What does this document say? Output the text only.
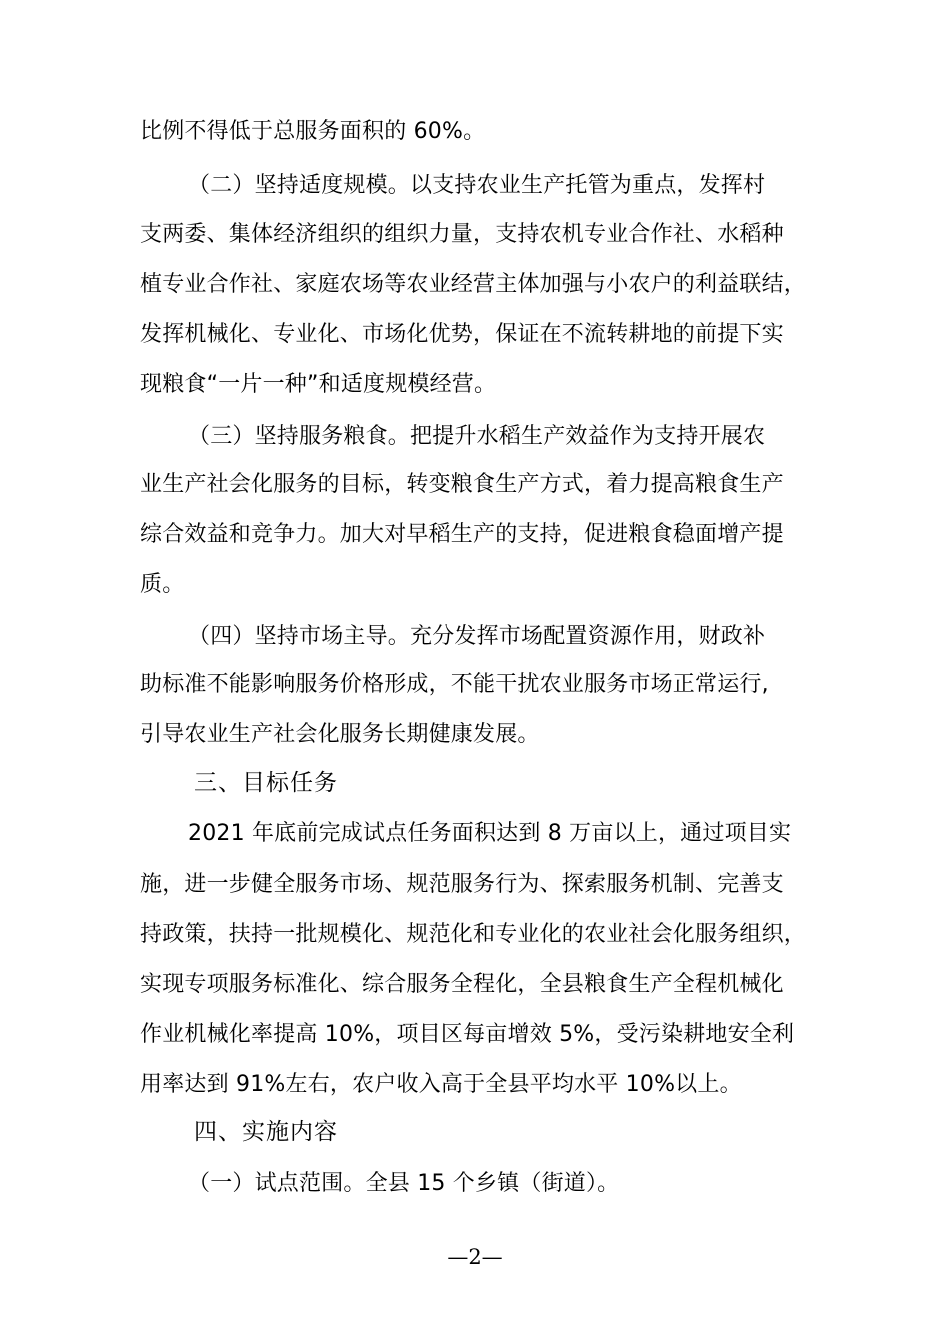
比例不得低于总服务面积的 60%。
（二）坚持适度规模。以支持农业生产托管为重点，发挥村
支两委、集体经济组织的组织力量，支持农机专业合作社、水稻种
植专业合作社、家庭农场等农业经营主体加强与小农户的利益联结，
发挥机械化、专业化、市场化优势，保证在不流转耕地的前提下实
现粮食“一片一种”和适度规模经营。
（三）坚持服务粮食。把提升水稻生产效益作为支持开展农
业生产社会化服务的目标，转变粮食生产方式，着力提高粮食生产
综合效益和竞争力。加大对早稻生产的支持，促进粮食稳面增产提
质。
（四）坚持市场主导。充分发挥市场配置资源作用，财政补
助标准不能影响服务价格形成，不能干扰农业服务市场正常运行,
引导农业生产社会化服务长期健康发展。
三、目标任务
2021 年底前完成试点任务面积达到 8 万亩以上，通过项目实
施，进一步健全服务市场、规范服务行为、探索服务机制、完善支
持政策，扶持一批规模化、规范化和专业化的农业社会化服务组织，
实现专项服务标准化、综合服务全程化，全县粮食生产全程机械化
作业机械化率提高 10%，项目区每亩增效 5%，受污染耕地安全利
用率达到 91%左右，农户收入高于全县平均水平 10%以上。
四、实施内容
（一）试点范围。全县 15 个乡镇（街道）。
—2—
